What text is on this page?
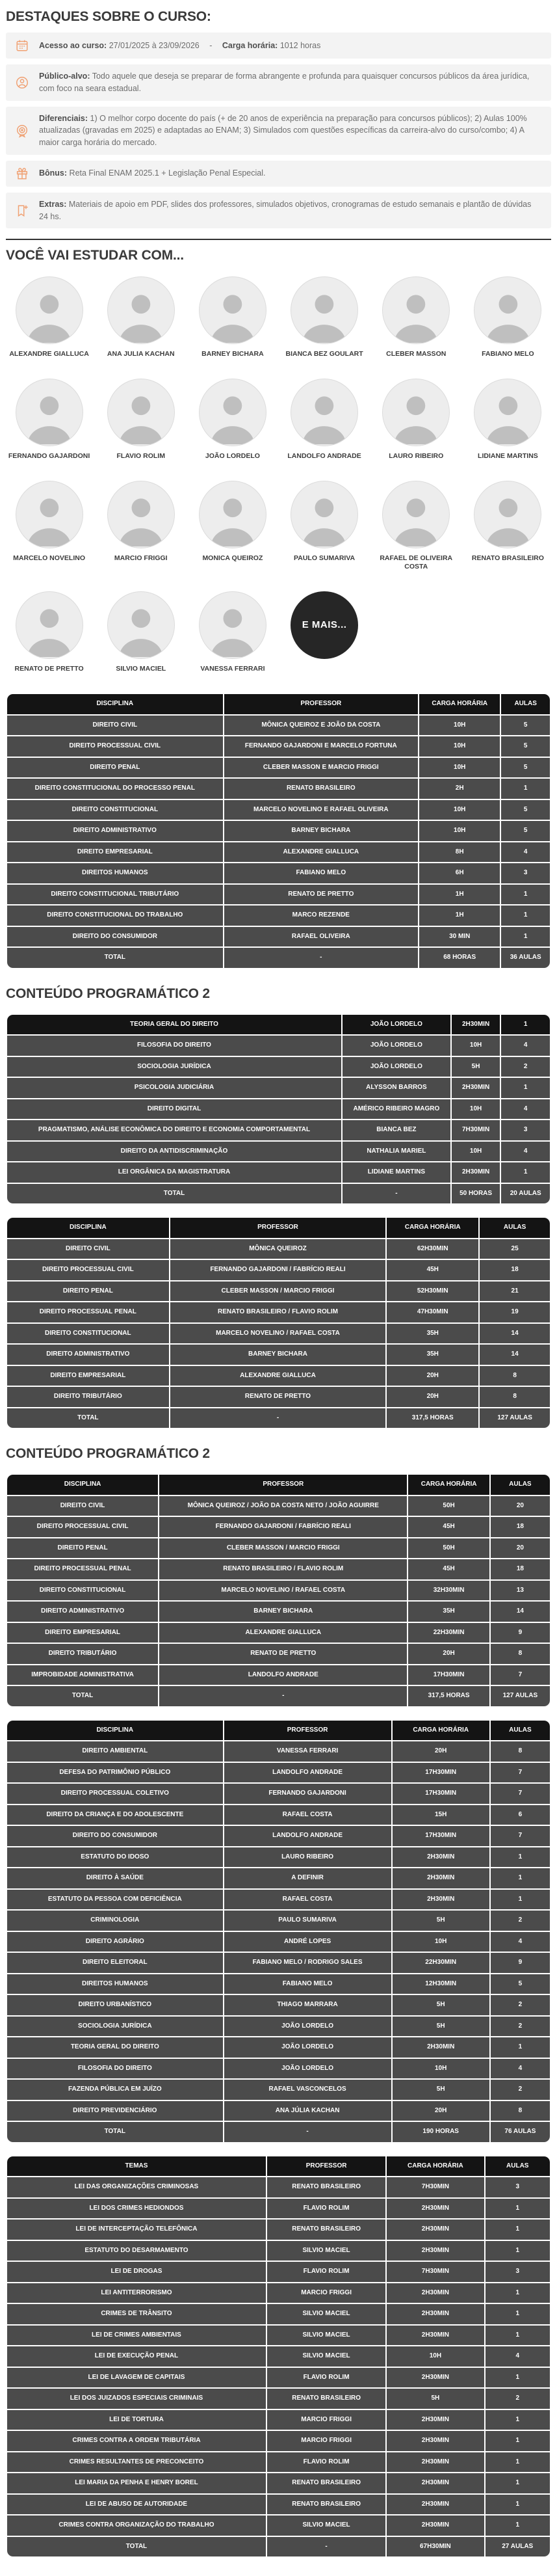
DESTAQUES SOBRE O CURSO:

Acesso ao curso: 27/01/2025 à 23/09/2026 - Carga horária: 1012 horas

Público-alvo: Todo aquele que deseja se preparar de forma abrangente e profunda para quaisquer concursos públicos da área jurídica, com foco na seara estadual.

Diferenciais: 1) O melhor corpo docente do país (+ de 20 anos de experiência na preparação para concursos públicos); 2) Aulas 100% atualizadas (gravadas em 2025) e adaptadas ao ENAM; 3) Simulados com questões específicas da carreira-alvo do curso/combo; 4) A maior carga horária do mercado.

Bônus: Reta Final ENAM 2025.1 + Legislação Penal Especial.

Extras: Materiais de apoio em PDF, slides dos professores, simulados objetivos, cronogramas de estudo semanais e plantão de dúvidas 24 hs.

VOCÊ VAI ESTUDAR COM...
ALEXANDRE GIALLUCA	ANA JULIA KACHAN	BARNEY BICHARA	BIANCA BEZ GOULART	CLEBER MASSON	FABIANO MELO
FERNANDO GAJARDONI	FLAVIO ROLIM	JOÃO LORDELO	LANDOLFO ANDRADE	LAURO RIBEIRO	LIDIANE MARTINS
MARCELO NOVELINO	MARCIO FRIGGI	MONICA QUEIROZ	PAULO SUMARIVA	RAFAEL DE OLIVEIRA COSTA
RENATO BRASILEIRO
RENATO DE PRETTO	SILVIO MACIEL	VANESSA FERRARI
E MAIS...
DISCIPLINA	PROFESSOR	CARGA HORÁRIA	AULAS
DIREITO CIVIL	MÔNICA QUEIROZ E JOÃO DA COSTA	10H	5
DIREITO PROCESSUAL CIVIL	FERNANDO GAJARDONI E MARCELO FORTUNA	10H	5
DIREITO PENAL	CLEBER MASSON E MARCIO FRIGGI	10H	5
DIREITO CONSTITUCIONAL DO PROCESSO PENAL	RENATO BRASILEIRO	2H	1
DIREITO CONSTITUCIONAL	MARCELO NOVELINO E RAFAEL OLIVEIRA	10H	5
DIREITO ADMINISTRATIVO	BARNEY BICHARA	10H	5
DIREITO EMPRESARIAL	ALEXANDRE GIALLUCA	8H	4
DIREITOS HUMANOS	FABIANO MELO	6H	3
DIREITO CONSTITUCIONAL TRIBUTÁRIO	RENATO DE PRETTO	1H	1
DIREITO CONSTITUCIONAL DO TRABALHO	MARCO REZENDE	1H	1
DIREITO DO CONSUMIDOR	RAFAEL OLIVEIRA	30 MIN	1
TOTAL	-	68 HORAS	36 AULAS
CONTEÚDO PROGRAMÁTICO 2
TEORIA GERAL DO DIREITO	JOÃO LORDELO	2H30MIN	1
FILOSOFIA DO DIREITO	JOÃO LORDELO	10H	4
SOCIOLOGIA JURÍDICA	JOÃO LORDELO	5H	2
PSICOLOGIA JUDICIÁRIA	ALYSSON BARROS	2H30MIN	1
DIREITO DIGITAL	AMÉRICO RIBEIRO MAGRO	10H	4
PRAGMATISMO, ANÁLISE ECONÔMICA DO DIREITO E ECONOMIA COMPORTAMENTAL	BIANCA BEZ	7H30MIN	3
DIREITO DA ANTIDISCRIMINAÇÃO	NATHALIA MARIEL	10H	4
LEI ORGÂNICA DA MAGISTRATURA	LIDIANE MARTINS	2H30MIN	1
TOTAL	-	50 HORAS	20 AULAS
DISCIPLINA	PROFESSOR	CARGA HORÁRIA	AULAS
DIREITO CIVIL	MÔNICA QUEIROZ	62H30MIN	25
DIREITO PROCESSUAL CIVIL	FERNANDO GAJARDONI / FABRÍCIO REALI	45H	18
DIREITO PENAL	CLEBER MASSON / MARCIO FRIGGI	52H30MIN	21
DIREITO PROCESSUAL PENAL	RENATO BRASILEIRO / FLAVIO ROLIM	47H30MIN	19
DIREITO CONSTITUCIONAL	MARCELO NOVELINO / RAFAEL COSTA	35H	14
DIREITO ADMINISTRATIVO	BARNEY BICHARA	35H	14
DIREITO EMPRESARIAL	ALEXANDRE GIALLUCA	20H	8
DIREITO TRIBUTÁRIO	RENATO DE PRETTO	20H	8
TOTAL	-	317,5 HORAS	127 AULAS
CONTEÚDO PROGRAMÁTICO 2
DISCIPLINA	PROFESSOR	CARGA HORÁRIA	AULAS
DIREITO CIVIL	MÔNICA QUEIROZ / JOÃO DA COSTA NETO / JOÃO AGUIRRE	50H	20
DIREITO PROCESSUAL CIVIL	FERNANDO GAJARDONI / FABRÍCIO REALI	45H	18
DIREITO PENAL	CLEBER MASSON / MARCIO FRIGGI	50H	20
DIREITO PROCESSUAL PENAL	RENATO BRASILEIRO / FLAVIO ROLIM	45H	18
DIREITO CONSTITUCIONAL	MARCELO NOVELINO / RAFAEL COSTA	32H30MIN	13
DIREITO ADMINISTRATIVO	BARNEY BICHARA	35H	14
DIREITO EMPRESARIAL	ALEXANDRE GIALLUCA	22H30MIN	9
DIREITO TRIBUTÁRIO	RENATO DE PRETTO	20H	8
IMPROBIDADE ADMINISTRATIVA	LANDOLFO ANDRADE	17H30MIN	7
TOTAL	-	317,5 HORAS	127 AULAS
DISCIPLINA	PROFESSOR	CARGA HORÁRIA	AULAS
DIREITO AMBIENTAL	VANESSA FERRARI	20H	8
DEFESA DO PATRIMÔNIO PÚBLICO	LANDOLFO ANDRADE	17H30MIN	7
DIREITO PROCESSUAL COLETIVO	FERNANDO GAJARDONI	17H30MIN	7
DIREITO DA CRIANÇA E DO ADOLESCENTE	RAFAEL COSTA	15H	6
DIREITO DO CONSUMIDOR	LANDOLFO ANDRADE	17H30MIN	7
ESTATUTO DO IDOSO	LAURO RIBEIRO	2H30MIN	1
DIREITO À SAÚDE	A DEFINIR	2H30MIN	1
ESTATUTO DA PESSOA COM DEFICIÊNCIA	RAFAEL COSTA	2H30MIN	1
CRIMINOLOGIA	PAULO SUMARIVA	5H	2
DIREITO AGRÁRIO	ANDRÉ LOPES	10H	4
DIREITO ELEITORAL	FABIANO MELO / RODRIGO SALES	22H30MIN	9
DIREITOS HUMANOS	FABIANO MELO	12H30MIN	5
DIREITO URBANÍSTICO	THIAGO MARRARA	5H	2
SOCIOLOGIA JURÍDICA	JOÃO LORDELO	5H	2
TEORIA GERAL DO DIREITO	JOÃO LORDELO	2H30MIN	1
FILOSOFIA DO DIREITO	JOÃO LORDELO	10H	4
FAZENDA PÚBLICA EM JUÍZO	RAFAEL VASCONCELOS	5H	2
DIREITO PREVIDENCIÁRIO	ANA JÚLIA KACHAN	20H	8
TOTAL	-	190 HORAS	76 AULAS
TEMAS	PROFESSOR	CARGA HORÁRIA	AULAS
LEI DAS ORGANIZAÇÕES CRIMINOSAS	RENATO BRASILEIRO	7H30MIN	3
LEI DOS CRIMES HEDIONDOS	FLAVIO ROLIM	2H30MIN	1
LEI DE INTERCEPTAÇÃO TELEFÔNICA	RENATO BRASILEIRO	2H30MIN	1
ESTATUTO DO DESARMAMENTO	SILVIO MACIEL	2H30MIN	1
LEI DE DROGAS	FLAVIO ROLIM	7H30MIN	3
LEI ANTITERRORISMO	MARCIO FRIGGI	2H30MIN	1
CRIMES DE TRÂNSITO	SILVIO MACIEL	2H30MIN	1
LEI DE CRIMES AMBIENTAIS	SILVIO MACIEL	2H30MIN	1
LEI DE EXECUÇÃO PENAL	SILVIO MACIEL	10H	4
LEI DE LAVAGEM DE CAPITAIS	FLAVIO ROLIM	2H30MIN	1
LEI DOS JUIZADOS ESPECIAIS CRIMINAIS	RENATO BRASILEIRO	5H	2
LEI DE TORTURA	MARCIO FRIGGI	2H30MIN	1
CRIMES CONTRA A ORDEM TRIBUTÁRIA	MARCIO FRIGGI	2H30MIN	1
CRIMES RESULTANTES DE PRECONCEITO	FLAVIO ROLIM	2H30MIN	1
LEI MARIA DA PENHA E HENRY BOREL	RENATO BRASILEIRO	2H30MIN	1
LEI DE ABUSO DE AUTORIDADE	RENATO BRASILEIRO	2H30MIN	1
CRIMES CONTRA ORGANIZAÇÃO DO TRABALHO	SILVIO MACIEL	2H30MIN	1
TOTAL	-	67H30MIN	27 AULAS
